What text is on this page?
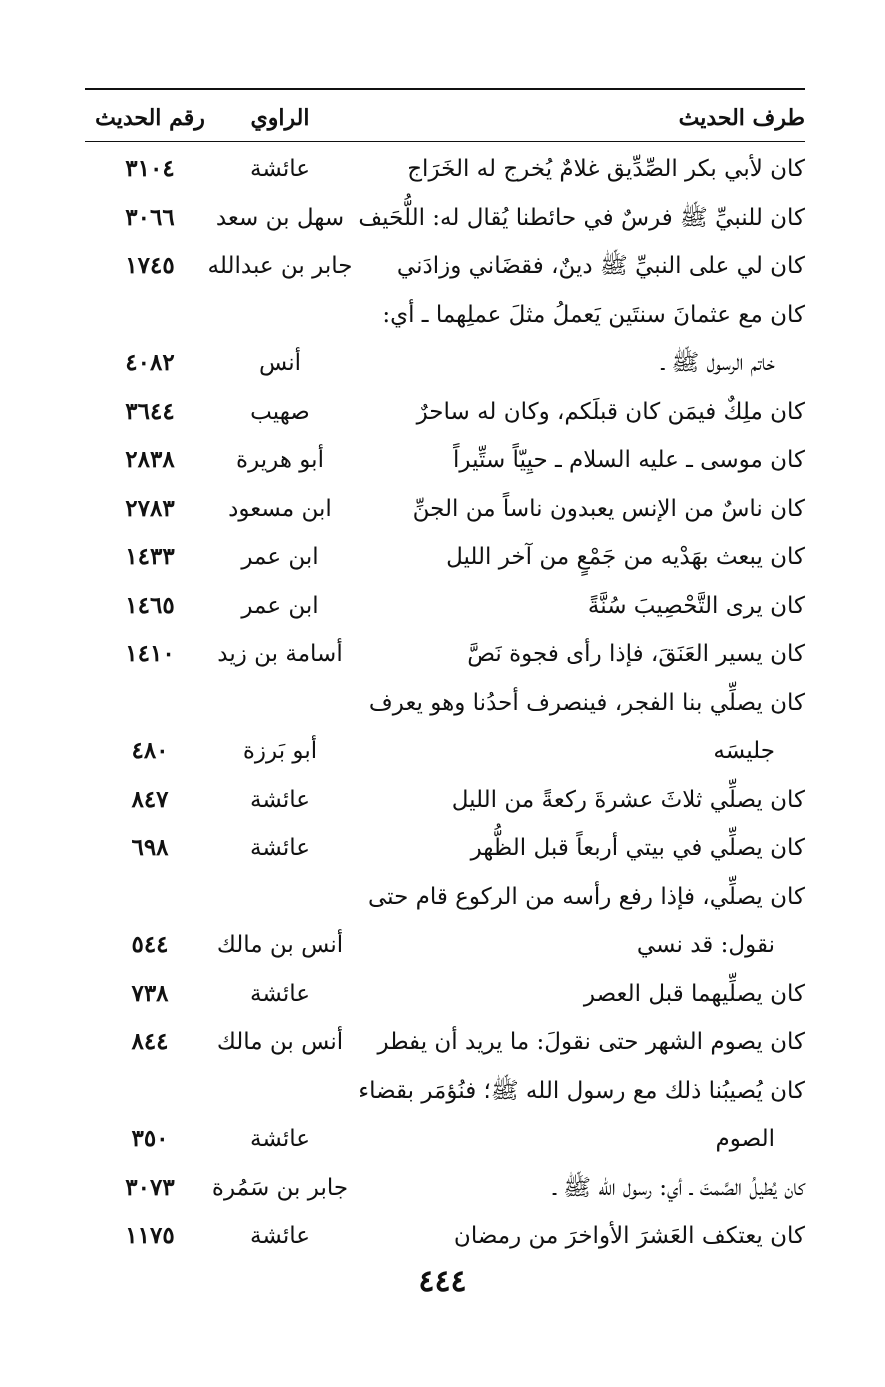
طرف الحديث
الراوي
رقم الحديث
كان لأبي بكر الصِّدِّيق غلامٌ يُخرج له الخَرَاج
عائشة
٣١٠٤
كان للنبيِّ ﷺ فرسٌ في حائطنا يُقال له: اللُّحَيف
سهل بن سعد
٣٠٦٦
كان لي على النبيِّ ﷺ دينٌ، فقضَاني وزادَني
جابر بن عبدالله
١٧٤٥
كان مع عثمانَ سنتَين يَعملُ مثلَ عملِهما ـ أي:
خاتم الرسول ﷺ ـ
أنس
٤٠٨٢
كان ملِكٌ فيمَن كان قبلَكم، وكان له ساحرٌ
صهيب
٣٦٤٤
كان موسى ـ عليه السلام ـ حيِيّاً ستِّيراً
أبو هريرة
٢٨٣٨
كان ناسٌ من الإنس يعبدون ناساً من الجنِّ
ابن مسعود
٢٧٨٣
كان يبعث بهَدْيه من جَمْعٍ من آخر الليل
ابن عمر
١٤٣٣
كان يرى التَّحْصِيبَ سُنَّةً
ابن عمر
١٤٦٥
كان يسير العَنَقَ، فإذا رأى فجوة نَصَّ
أسامة بن زيد
١٤١٠
كان يصلِّي بنا الفجر، فينصرف أحدُنا وهو يعرف
جليسَه
أبو بَرزة
٤٨٠
كان يصلِّي ثلاثَ عشرةَ ركعةً من الليل
عائشة
٨٤٧
كان يصلِّي في بيتي أربعاً قبل الظُّهر
عائشة
٦٩٨
كان يصلِّي، فإذا رفع رأسه من الركوع قام حتى
نقول: قد نسي
أنس بن مالك
٥٤٤
كان يصلِّيهما قبل العصر
عائشة
٧٣٨
كان يصوم الشهر حتى نقولَ: ما يريد أن يفطر
أنس بن مالك
٨٤٤
كان يُصيبُنا ذلك مع رسول الله ﷺ؛ فنُؤمَر بقضاء
الصوم
عائشة
٣٥٠
كان يُطيلُ الصَّمتَ ـ أي: رسول الله ﷺ ـ
جابر بن سَمُرة
٣٠٧٣
كان يعتكف العَشرَ الأواخرَ من رمضان
عائشة
١١٧٥
٤٤٤
